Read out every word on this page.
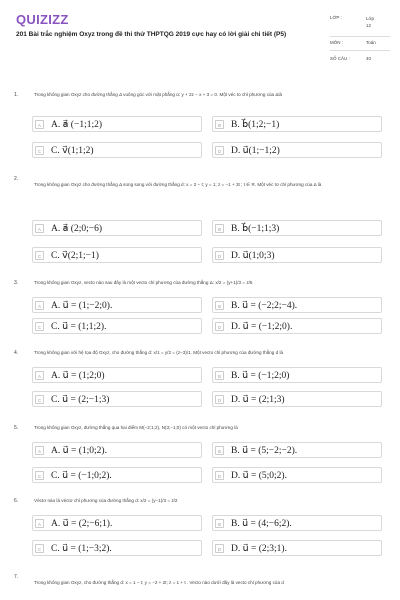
QUIZIZZ
201 Bài trắc nghiệm Oxyz trong đề thi thử THPTQG 2019 cực hay có lời giải chi tiết (P5)
LỚP :	Lớp 12
MÔN :	Toán
SỐ CÂU :	40
1.	Trong không gian Oxyz cho đường thẳng Δ vuông góc với mặt phẳng α: y + 2z − x + 3 = 0. Một véc to chỉ phương của Δlà
A	A. a⃗ (−1;1;2)	B	B. b⃗(1;2;−1)
C	C. v⃗(1;1;2)	D	D. u⃗(1;−1;2)
2.
Trong không gian Oxyz cho đường thẳng Δ song song với đường thẳng d: x = 2 − t; y = 1; z = −1 + 3t ; t ∈ R. Một véc tơ chỉ phương của Δ là
A	A. a⃗ (2;0;−6)	B	B. b⃗(−1;1;3)
C	C. v⃗(2;1;−1)	D	D. u⃗(1;0;3)
3.	Trong không gian Oxyz, vecto nào sau đây là một vecto chỉ phương của đường thẳng Δ: x/2 = (y+1)/3 = z/5
A	A. u⃗ = (1;−2;0).	B	B. u⃗ = (−2;2;−4).
C	C. u⃗ = (1;1;2).	D	D. u⃗ = (−1;2;0).
4.	Trong không gian với hệ tọa độ Oxyz, cho đường thẳng d: x/1 = y/2 = (z−3)/1. Một vecto chỉ phương của đường thẳng d là
A	A. u⃗ = (1;2;0)	B	B. u⃗ = (−1;2;0)
C	C. u⃗ = (2;−1;3)	D	D. u⃗ = (2;1;3)
5.	Trong không gian Oxyz, đường thẳng qua hai điểm M(−2;1;2), N(3;−1;0) có một vecto chỉ phương là
A	A. u⃗ = (1;0;2).	B	B. u⃗ = (5;−2;−2).
C	C. u⃗ = (−1;0;2).	D	D. u⃗ = (5;0;2).
6.	Véctơ nào là véctơ chỉ phương của đường thẳng d: x/2 = (y−1)/3 = z/2
A	A. u⃗ = (2;−6;1).	B	B. u⃗ = (4;−6;2).
C	C. u⃗ = (1;−3;2).	D	D. u⃗ = (2;3;1).
7.
Trong không gian Oxyz, cho đường thẳng d: x = 1 − t; y = −2 + 2t; z = 1 + t . Vecto nào dưới đây là vecto chỉ phương của d
